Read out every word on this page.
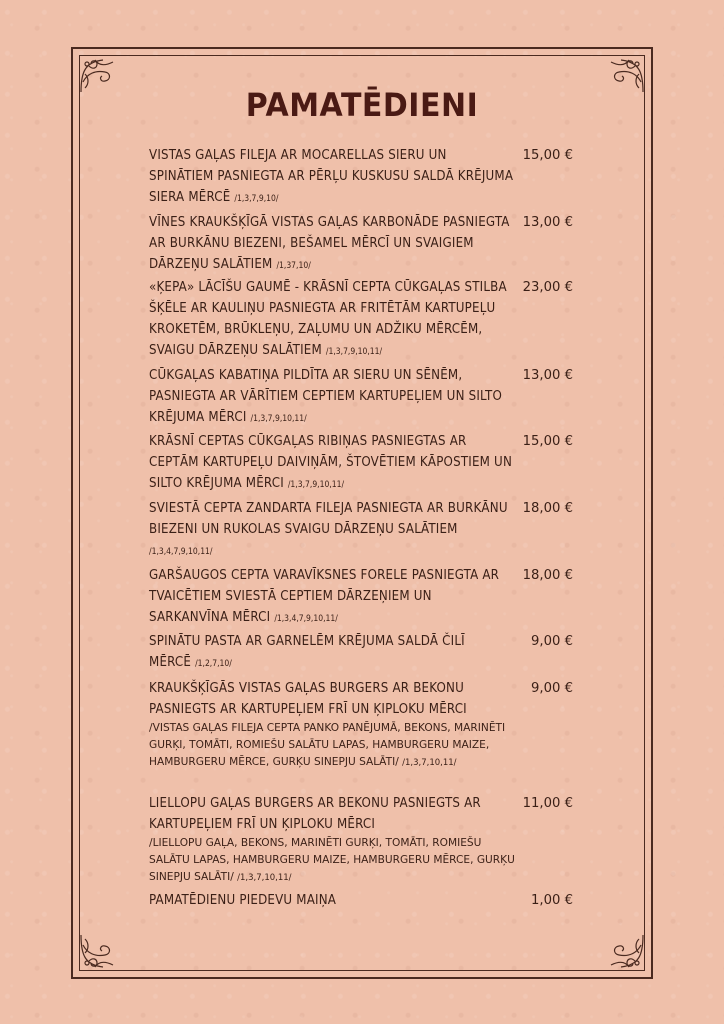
PAMATĒDIENI
VISTAS GAĻAS FILEJA AR MOCARELLAS SIERU UN SPINĀTIEM PASNIEGTA AR PĒRĻU KUSKUSU SALDĀ KRĒJUMA SIERA MĒRCĒ /1,3,7,9,10/
15,00 €
VĪNES KRAUKŠĶĪGĀ VISTAS GAĻAS KARBONĀDE PASNIEGTA AR BURKĀNU BIEZENI, BEŠAMEL MĒRCĪ UN SVAIGIEM DĀRZEŅU SALĀTIEM /1,37,10/
13,00 €
«ĶEPA» LĀCĪŠU GAUMĒ - KRĀSNĪ CEPTA CŪKGAĻAS STILBA ŠĶĒLE AR KAULIŅU PASNIEGTA AR FRITĒTĀM KARTUPEĻU KROKETĒM, BRŪKLEŅU, ZAĻUMU UN ADŽIKU MĒRCĒM, SVAIGU DĀRZEŅU SALĀTIEM /1,3,7,9,10,11/
23,00 €
CŪKGAĻAS KABATIŅA PILDĪTA AR SIERU UN SĒNĒM, PASNIEGTA AR VĀRĪTIEM CEPTIEM KARTUPEĻIEM UN SILTO KRĒJUMA MĒRCI /1,3,7,9,10,11/
13,00 €
KRĀSNĪ CEPTAS CŪKGAĻAS RIBIŅAS PASNIEGTAS AR CEPTĀM KARTUPEĻU DAIVIŅĀM, ŠTOVĒTIEM KĀPOSTIEM UN SILTO KRĒJUMA MĒRCI /1,3,7,9,10,11/
15,00 €
SVIESTĀ CEPTA ZANDARTA FILEJA PASNIEGTA AR BURKĀNU BIEZENI UN RUKOLAS SVAIGU DĀRZEŅU SALĀTIEM /1,3,4,7,9,10,11/
18,00 €
GARŠAUGOS CEPTA VARAVĪKSNES FORELE PASNIEGTA AR TVAICĒTIEM SVIESTĀ CEPTIEM DĀRZEŅIEM UN SARKANVĪNA MĒRCI /1,3,4,7,9,10,11/
18,00 €
SPINĀTU PASTA AR GARNELĒM KRĒJUMA SALDĀ ČILĪ MĒRCĒ /1,2,7,10/
9,00 €
KRAUKŠĶĪGĀS VISTAS GAĻAS BURGERS AR BEKONU PASNIEGTS AR KARTUPEĻIEM FRĪ UN ĶIPLOKU MĒRCI
/VISTAS GAĻAS FILEJA CEPTA PANKO PANĒJUMĀ, BEKONS, MARINĒTI GURĶI, TOMĀTI, ROMIEŠU SALĀTU LAPAS, HAMBURGERU MAIZE, HAMBURGERU MĒRCE, GURĶU SINEPJU SALĀTI/ /1,3,7,10,11/
9,00 €
LIELLOPU GAĻAS BURGERS AR BEKONU PASNIEGTS AR KARTUPEĻIEM FRĪ UN ĶIPLOKU MĒRCI
/LIELLOPU GAĻA, BEKONS, MARINĒTI GURĶI, TOMĀTI, ROMIEŠU SALĀTU LAPAS, HAMBURGERU MAIZE, HAMBURGERU MĒRCE, GURĶU SINEPJU SALĀTI/ /1,3,7,10,11/
11,00 €
PAMATĒDIENU PIEDEVU MAIŅA	1,00 €
